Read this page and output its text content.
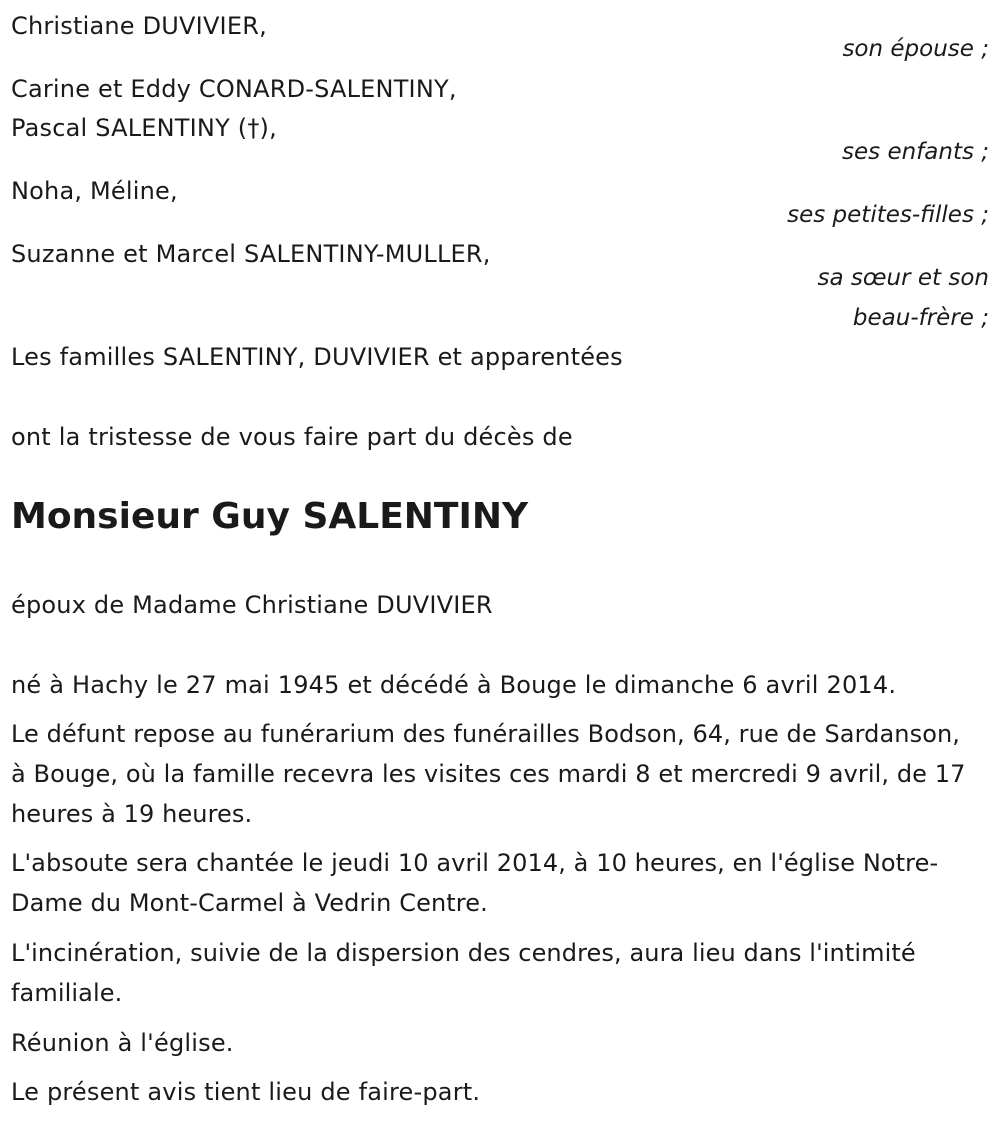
Christiane DUVIVIER,
son épouse ;
Carine et Eddy CONARD-SALENTINY,
Pascal SALENTINY (†),
ses enfants ;
Noha, Méline,
ses petites-filles ;
Suzanne et Marcel SALENTINY-MULLER,
sa sœur et son
beau-frère ;
Les familles SALENTINY, DUVIVIER et apparentées
ont la tristesse de vous faire part du décès de
Monsieur Guy SALENTINY
époux de Madame Christiane DUVIVIER
né à Hachy le 27 mai 1945 et décédé à Bouge le dimanche 6 avril 2014.
Le défunt repose au funérarium des funérailles Bodson, 64, rue de Sardanson, à Bouge, où la famille recevra les visites ces mardi 8 et mercredi 9 avril, de 17 heures à 19 heures.
L'absoute sera chantée le jeudi 10 avril 2014, à 10 heures, en l'église Notre-Dame du Mont-Carmel à Vedrin Centre.
L'incinération, suivie de la dispersion des cendres, aura lieu dans l'intimité familiale.
Réunion à l'église.
Le présent avis tient lieu de faire-part.
